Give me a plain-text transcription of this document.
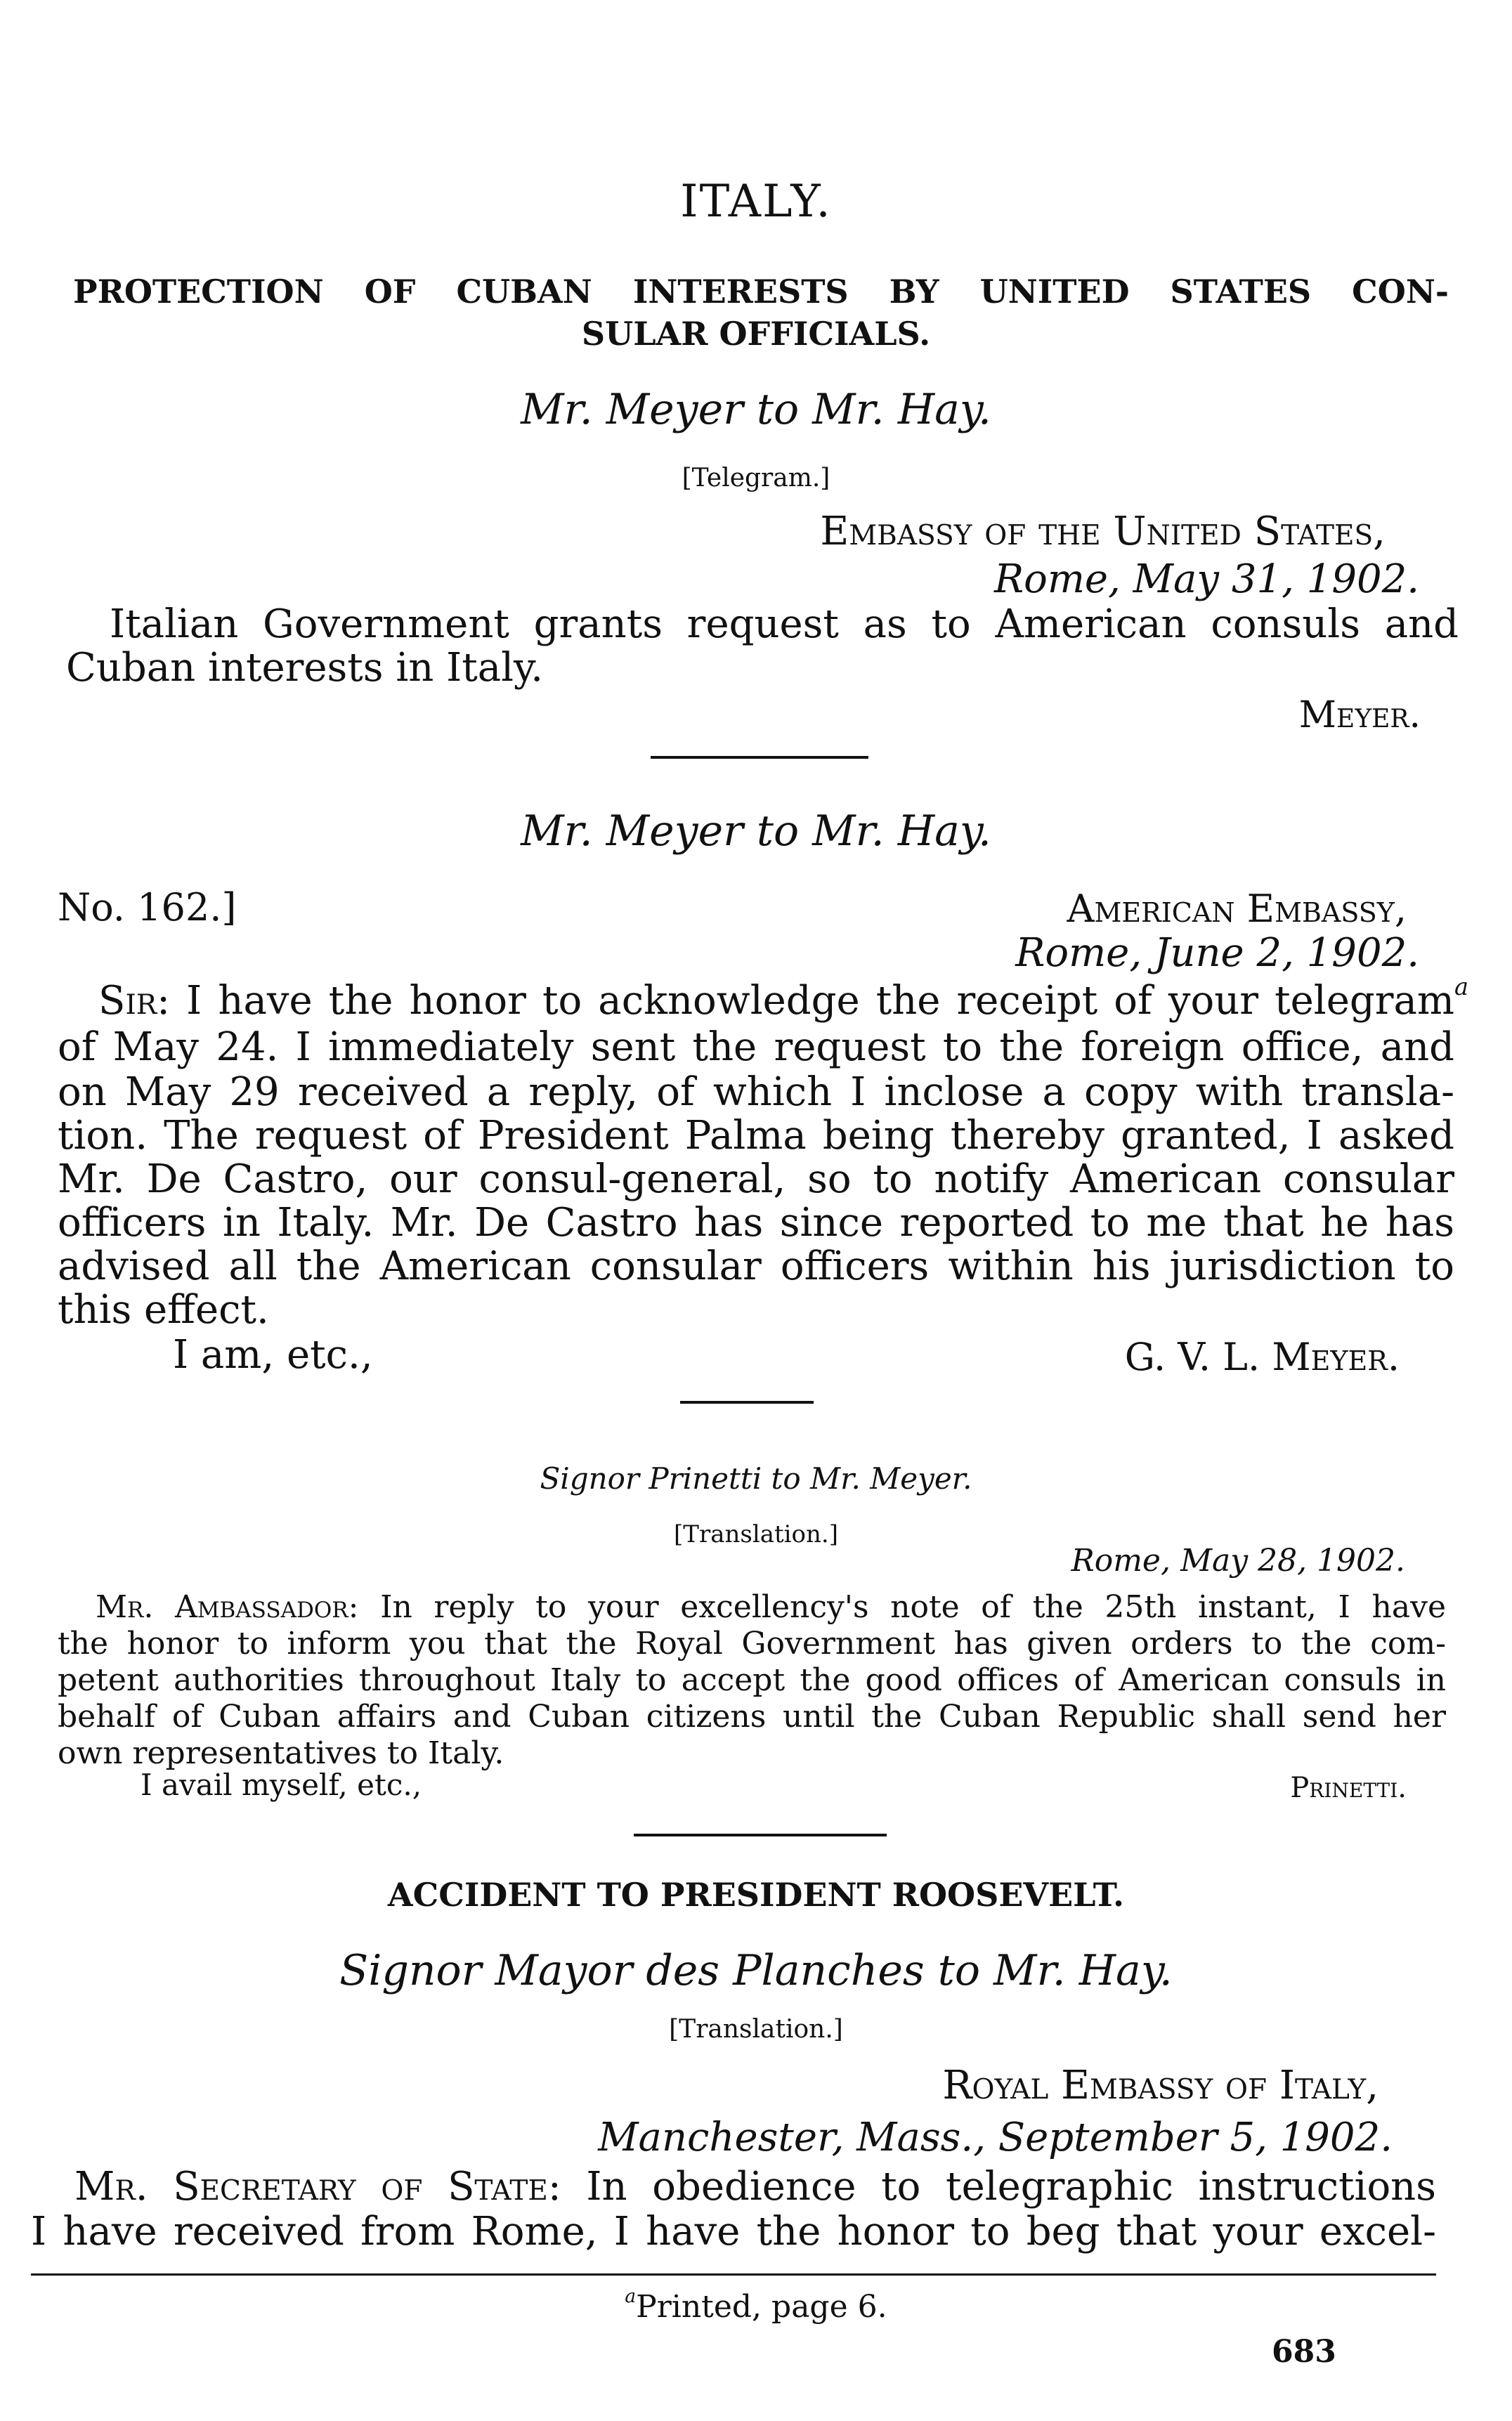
ITALY.
PROTECTION OF CUBAN INTERESTS BY UNITED STATES CON-
SULAR OFFICIALS.
Mr. Meyer to Mr. Hay.
[Telegram.]
Embassy of the United States,
Rome, May 31, 1902.
Italian Government grants request as to American consuls and
Cuban interests in Italy.
Meyer.
Mr. Meyer to Mr. Hay.
No. 162.]	American Embassy,
Rome, June 2, 1902.
Sir: I have the honor to acknowledge the receipt of your telegram$^a$
of May 24. I immediately sent the request to the foreign office, and
on May 29 received a reply, of which I inclose a copy with transla-
tion. The request of President Palma being thereby granted, I asked
Mr. De Castro, our consul-general, so to notify American consular
officers in Italy. Mr. De Castro has since reported to me that he has
advised all the American consular officers within his jurisdiction to
this effect.
I am, etc.,	G. V. L. Meyer.
Signor Prinetti to Mr. Meyer.
[Translation.]
Rome, May 28, 1902.
Mr. Ambassador: In reply to your excellency's note of the 25th instant, I have
the honor to inform you that the Royal Government has given orders to the com-
petent authorities throughout Italy to accept the good offices of American consuls in
behalf of Cuban affairs and Cuban citizens until the Cuban Republic shall send her
own representatives to Italy.
I avail myself, etc.,	Prinetti.
ACCIDENT TO PRESIDENT ROOSEVELT.
Signor Mayor des Planches to Mr. Hay.
[Translation.]
Royal Embassy of Italy,
Manchester, Mass., September 5, 1902.
Mr. Secretary of State: In obedience to telegraphic instructions
I have received from Rome, I have the honor to beg that your excel-
$^a$Printed, page 6.
683
